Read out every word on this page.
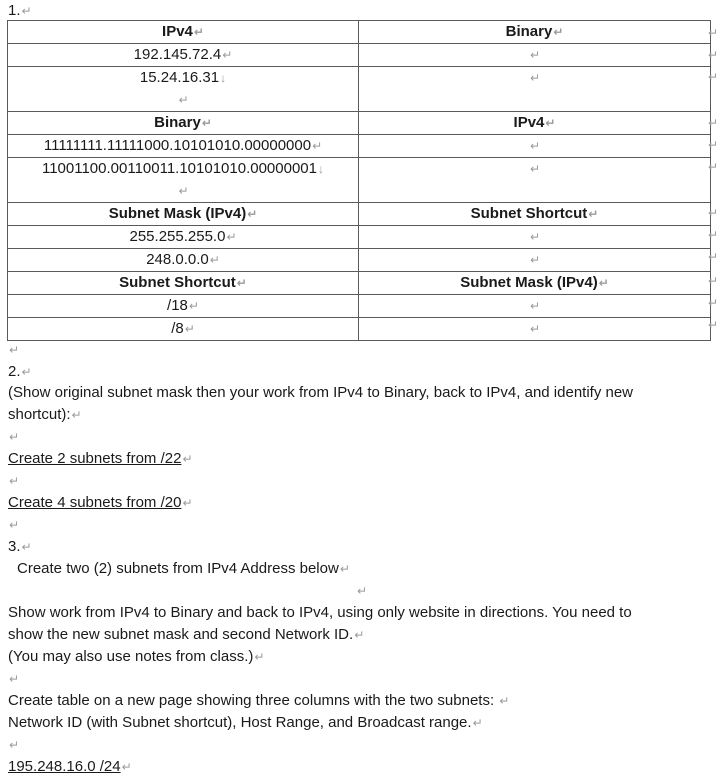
1.↵
IPv4↵	Binary↵
192.145.72.4↵	↵
15.24.16.31↓
↵	↵
Binary↵	IPv4↵
11111111.11111000.10101010.00000000↵	↵
11001100.00110011.10101010.00000001↓
↵	↵
Subnet Mask (IPv4)↵	Subnet Shortcut↵
255.255.255.0↵	↵
248.0.0.0↵	↵
Subnet Shortcut↵	Subnet Mask (IPv4)↵
/18↵	↵
/8↵	↵
↵
↵
↵
↵
↵
↵
↵
↵
↵
↵
↵
↵
↵
2.↵
(Show original subnet mask then your work from IPv4 to Binary, back to IPv4, and identify new
shortcut):↵
↵
Create 2 subnets from /22↵
↵
Create 4 subnets from /20↵
↵
3.↵
Create two (2) subnets from IPv4 Address below↵
↵
Show work from IPv4 to Binary and back to IPv4, using only website in directions. You need to
show the new subnet mask and second Network ID.↵
(You may also use notes from class.)↵
↵
Create table on a new page showing three columns with the two subnets: ↵
Network ID (with Subnet shortcut), Host Range, and Broadcast range.↵
↵
195.248.16.0 /24↵
